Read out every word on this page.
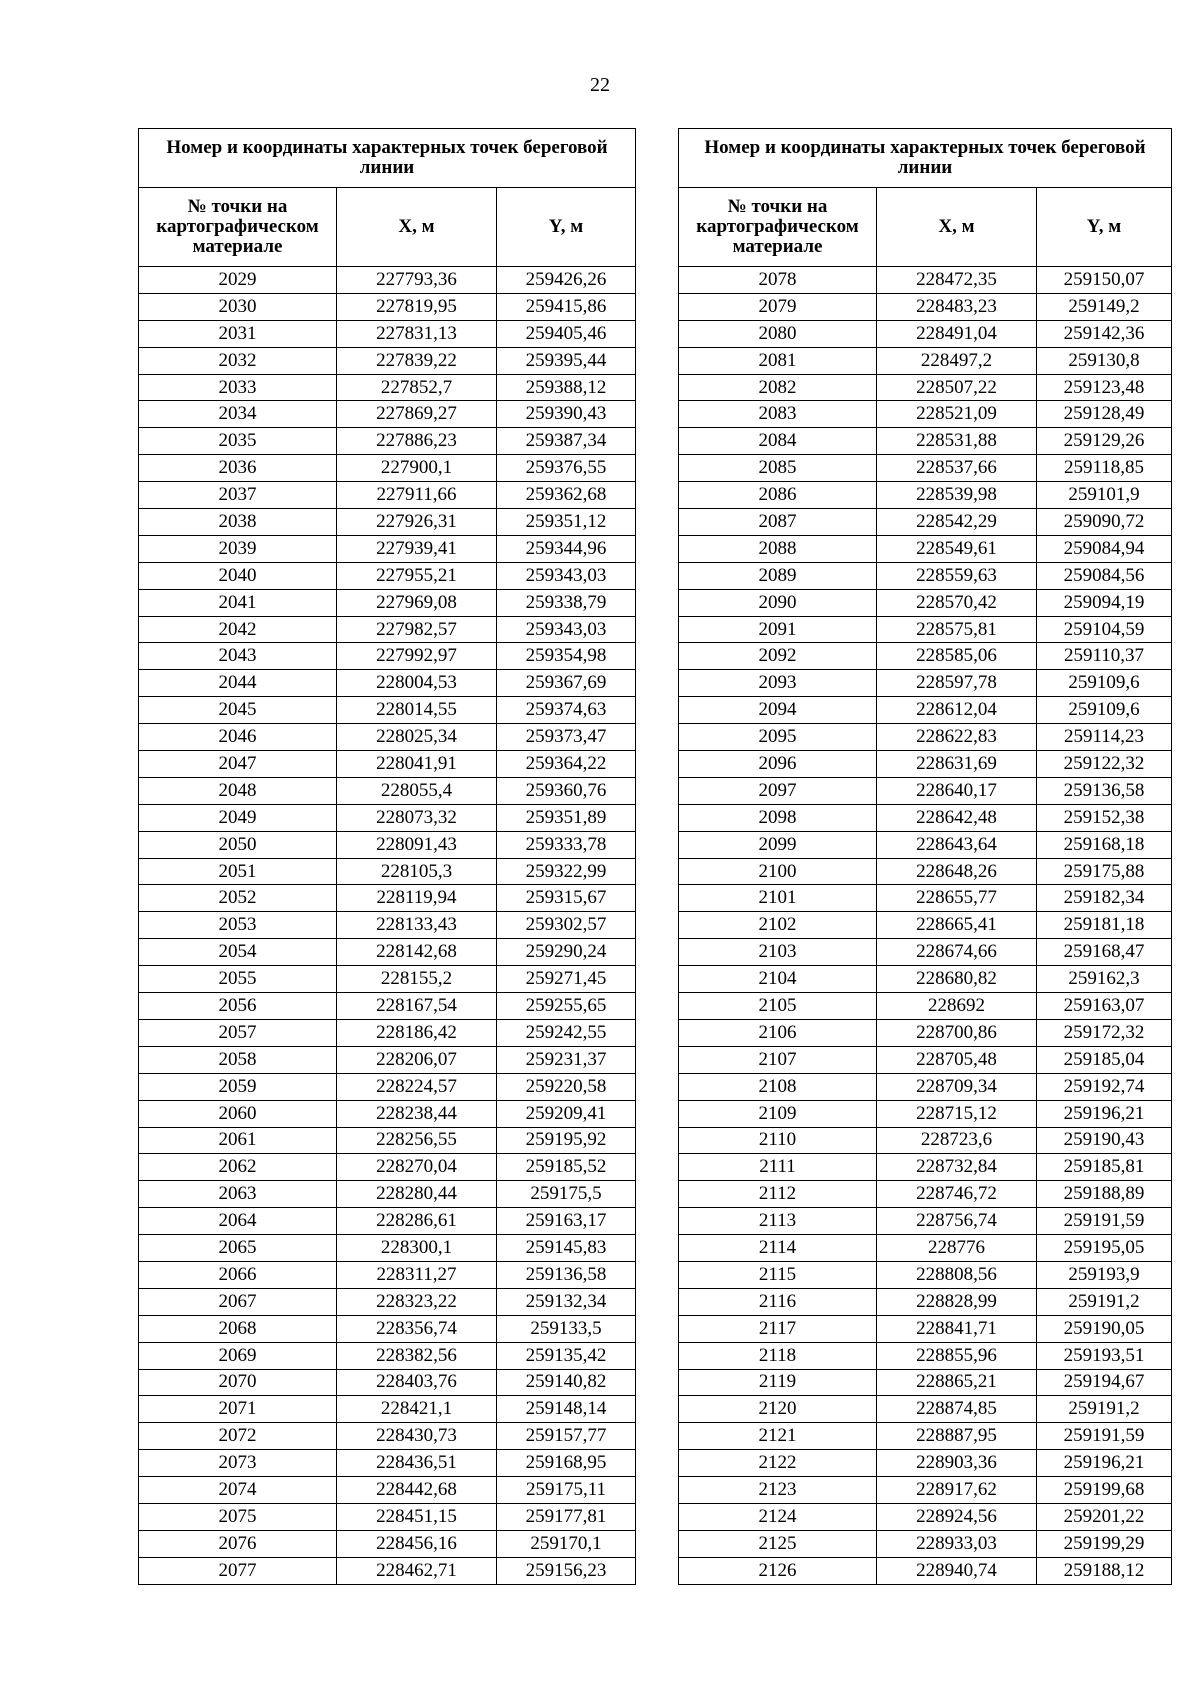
22
Номер и координаты характерных точек береговой линии		
№ точки на картографическом материале	X, м	Y, м
2029	227793,36	259426,26
2030	227819,95	259415,86
2031	227831,13	259405,46
2032	227839,22	259395,44
2033	227852,7	259388,12
2034	227869,27	259390,43
2035	227886,23	259387,34
2036	227900,1	259376,55
2037	227911,66	259362,68
2038	227926,31	259351,12
2039	227939,41	259344,96
2040	227955,21	259343,03
2041	227969,08	259338,79
2042	227982,57	259343,03
2043	227992,97	259354,98
2044	228004,53	259367,69
2045	228014,55	259374,63
2046	228025,34	259373,47
2047	228041,91	259364,22
2048	228055,4	259360,76
2049	228073,32	259351,89
2050	228091,43	259333,78
2051	228105,3	259322,99
2052	228119,94	259315,67
2053	228133,43	259302,57
2054	228142,68	259290,24
2055	228155,2	259271,45
2056	228167,54	259255,65
2057	228186,42	259242,55
2058	228206,07	259231,37
2059	228224,57	259220,58
2060	228238,44	259209,41
2061	228256,55	259195,92
2062	228270,04	259185,52
2063	228280,44	259175,5
2064	228286,61	259163,17
2065	228300,1	259145,83
2066	228311,27	259136,58
2067	228323,22	259132,34
2068	228356,74	259133,5
2069	228382,56	259135,42
2070	228403,76	259140,82
2071	228421,1	259148,14
2072	228430,73	259157,77
2073	228436,51	259168,95
2074	228442,68	259175,11
2075	228451,15	259177,81
2076	228456,16	259170,1
2077	228462,71	259156,23
Номер и координаты характерных точек береговой линии		
№ точки на картографическом материале	X, м	Y, м
2078	228472,35	259150,07
2079	228483,23	259149,2
2080	228491,04	259142,36
2081	228497,2	259130,8
2082	228507,22	259123,48
2083	228521,09	259128,49
2084	228531,88	259129,26
2085	228537,66	259118,85
2086	228539,98	259101,9
2087	228542,29	259090,72
2088	228549,61	259084,94
2089	228559,63	259084,56
2090	228570,42	259094,19
2091	228575,81	259104,59
2092	228585,06	259110,37
2093	228597,78	259109,6
2094	228612,04	259109,6
2095	228622,83	259114,23
2096	228631,69	259122,32
2097	228640,17	259136,58
2098	228642,48	259152,38
2099	228643,64	259168,18
2100	228648,26	259175,88
2101	228655,77	259182,34
2102	228665,41	259181,18
2103	228674,66	259168,47
2104	228680,82	259162,3
2105	228692	259163,07
2106	228700,86	259172,32
2107	228705,48	259185,04
2108	228709,34	259192,74
2109	228715,12	259196,21
2110	228723,6	259190,43
2111	228732,84	259185,81
2112	228746,72	259188,89
2113	228756,74	259191,59
2114	228776	259195,05
2115	228808,56	259193,9
2116	228828,99	259191,2
2117	228841,71	259190,05
2118	228855,96	259193,51
2119	228865,21	259194,67
2120	228874,85	259191,2
2121	228887,95	259191,59
2122	228903,36	259196,21
2123	228917,62	259199,68
2124	228924,56	259201,22
2125	228933,03	259199,29
2126	228940,74	259188,12
